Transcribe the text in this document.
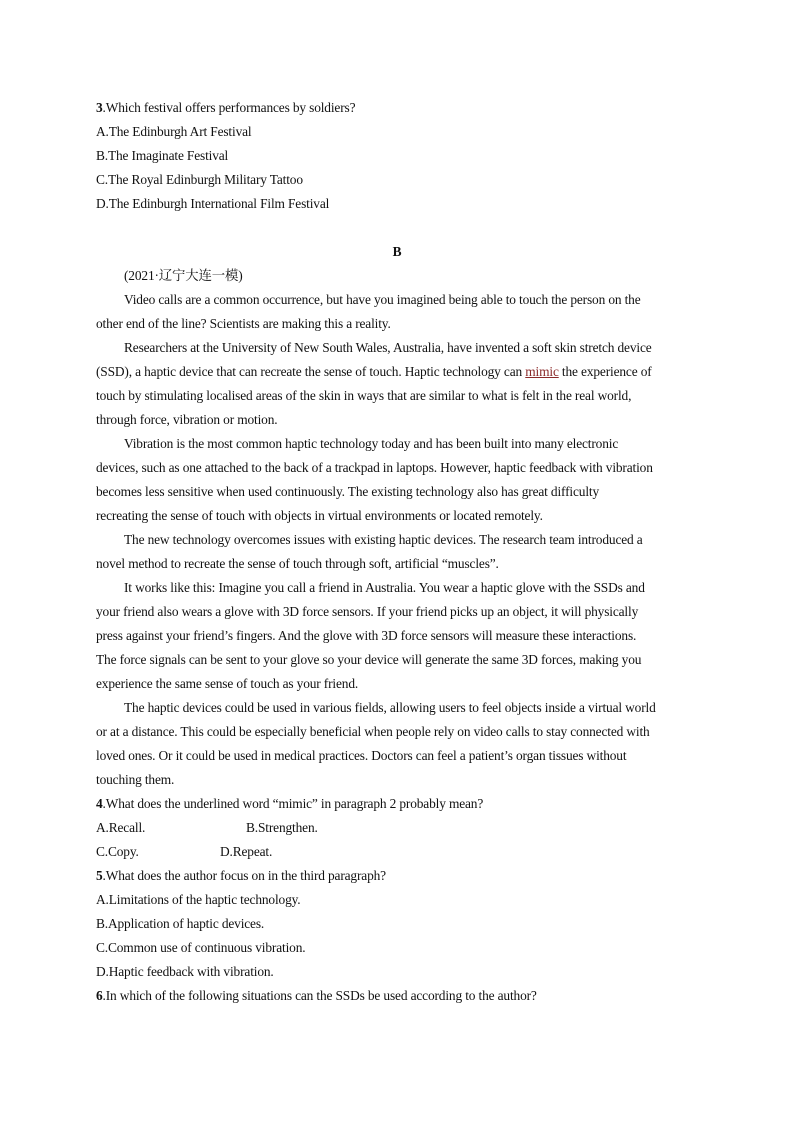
3.Which festival offers performances by soldiers?
A.The Edinburgh Art Festival
B.The Imaginate Festival
C.The Royal Edinburgh Military Tattoo
D.The Edinburgh International Film Festival
B
(2021·辽宁大连一模)
Video calls are a common occurrence, but have you imagined being able to touch the person on the
other end of the line? Scientists are making this a reality.
Researchers at the University of New South Wales, Australia, have invented a soft skin stretch device
(SSD), a haptic device that can recreate the sense of touch. Haptic technology can mimic the experience of
touch by stimulating localised areas of the skin in ways that are similar to what is felt in the real world,
through force, vibration or motion.
Vibration is the most common haptic technology today and has been built into many electronic
devices, such as one attached to the back of a trackpad in laptops. However, haptic feedback with vibration
becomes less sensitive when used continuously. The existing technology also has great difficulty
recreating the sense of touch with objects in virtual environments or located remotely.
The new technology overcomes issues with existing haptic devices. The research team introduced a
novel method to recreate the sense of touch through soft, artificial “muscles”.
It works like this: Imagine you call a friend in Australia. You wear a haptic glove with the SSDs and
your friend also wears a glove with 3D force sensors. If your friend picks up an object, it will physically
press against your friend’s fingers. And the glove with 3D force sensors will measure these interactions.
The force signals can be sent to your glove so your device will generate the same 3D forces, making you
experience the same sense of touch as your friend.
The haptic devices could be used in various fields, allowing users to feel objects inside a virtual world
or at a distance. This could be especially beneficial when people rely on video calls to stay connected with
loved ones. Or it could be used in medical practices. Doctors can feel a patient’s organ tissues without
touching them.
4.What does the underlined word “mimic” in paragraph 2 probably mean?
A.Recall.	B.Strengthen.
C.Copy.	D.Repeat.
5.What does the author focus on in the third paragraph?
A.Limitations of the haptic technology.
B.Application of haptic devices.
C.Common use of continuous vibration.
D.Haptic feedback with vibration.
6.In which of the following situations can the SSDs be used according to the author?
